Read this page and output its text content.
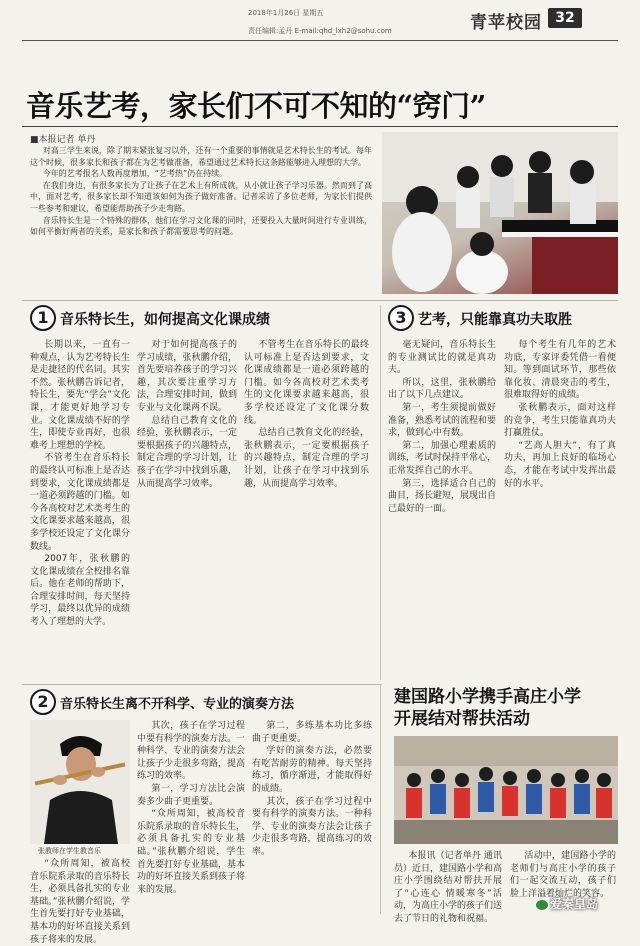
2018年1月26日 星期五
责任编辑:孟丹 E-mail:qhd_lxh2@sohu.com	青苹校园 32
音乐艺考，家长们不可不知的“窍门”
■本报记者 单丹

对高三学生来说，除了期末紧张复习以外，还有一个重要的事情就是艺术特长生的考试。每年这个时候，很多家长和孩子都在为艺考做准备，希望通过艺术特长这条路能够进入理想的大学。

今年的艺考报名人数再度增加，“艺考热”仍在持续。

在我们身边，有很多家长为了让孩子在艺术上有所成就，从小就让孩子学习乐器。然而到了高中，面对艺考，很多家长却不知道该如何为孩子做好准备。记者采访了多位老师，为家长们提供一些参考和建议，希望能帮助孩子少走弯路。

音乐特长生是一个特殊的群体，他们在学习文化课的同时，还要投入大量时间进行专业训练，如何平衡好两者的关系，是家长和孩子都需要思考的问题。

1 音乐特长生，如何提高文化课成绩

长期以来，一直有一种观点，认为艺考特长生是走捷径的代名词。其实不然。张秋鹏告诉记者，特长生，要先“学会”文化课，才能更好地学习专业。文化课成绩不好的学生，即使专业再好，也很难考上理想的学校。

不管考生在音乐特长的最终认可标准上是否达到要求，文化课成绩都是一道必须跨越的门槛。如今各高校对艺术类考生的文化课要求越来越高，很多学校还设定了文化课分数线。

2007年，张秋鹏的文化课成绩在全校排名靠后。他在老师的帮助下，合理安排时间，每天坚持学习，最终以优异的成绩考入了理想的大学。

对于如何提高孩子的学习成绩，张秋鹏介绍，首先要培养孩子的学习兴趣，其次要注重学习方法，合理安排时间，做到专业与文化课两不误。

总结自己教育文化的经验，张秋鹏表示，一定要根据孩子的兴趣特点，制定合理的学习计划，让孩子在学习中找到乐趣，从而提高学习效率。

不管考生在音乐特长的最终认可标准上是否达到要求，文化课成绩都是一道必须跨越的门槛。如今各高校对艺术类考生的文化课要求越来越高，很多学校还设定了文化课分数线。

总结自己教育文化的经验，张秋鹏表示，一定要根据孩子的兴趣特点，制定合理的学习计划，让孩子在学习中找到乐趣，从而提高学习效率。

3 艺考，只能靠真功夫取胜

毫无疑问，音乐特长生的专业测试比的就是真功夫。

所以，这里，张秋鹏给出了以下几点建议。

第一，考生须提前做好准备，熟悉考试的流程和要求，做到心中有数。

第二，加强心理素质的训练，考试时保持平常心，正常发挥自己的水平。

第三，选择适合自己的曲目，扬长避短，展现出自己最好的一面。

每个考生有几年的艺术功底，专家评委凭借一看便知。等到面试环节，那些依靠化妆、清晨突击的考生，很难取得好的成绩。

张秋鹏表示，面对这样的竞争，考生只能靠真功夫打赢胜仗。

“艺高人胆大”，有了真功夫，再加上良好的临场心态，才能在考试中发挥出最好的水平。

2 音乐特长生离不开科学、专业的演奏方法
张教师在学生教音乐

“众所周知，被高校音乐院系录取的音乐特长生，必须具备扎实的专业基础。”张秋鹏介绍说，学生首先要打好专业基础，基本功的好坏直接关系到孩子将来的发展。

其次，孩子在学习过程中要有科学的演奏方法。一种科学、专业的演奏方法会让孩子少走很多弯路，提高练习的效率。

第一，学习方法比会演奏多少曲子更重要。

“众所周知，被高校音乐院系录取的音乐特长生，必须具备扎实的专业基础。”张秋鹏介绍说，学生首先要打好专业基础，基本功的好坏直接关系到孩子将来的发展。

第二，多练基本功比多练曲子更重要。

学好的演奏方法，必然要有吃苦耐劳的精神。每天坚持练习，循序渐进，才能取得好的成绩。

其次，孩子在学习过程中要有科学的演奏方法。一种科学、专业的演奏方法会让孩子少走很多弯路，提高练习的效率。

建国路小学携手高庄小学
开展结对帮扶活动

本报讯（记者单丹 通讯员）近日，建国路小学和高庄小学围绕结对帮扶开展了“心连心 情暖寒冬”活动，为高庄小学的孩子们送去了节日的礼物和祝福。

活动中，建国路小学的老师们与高庄小学的孩子们一起交流互动，孩子们脸上洋溢着灿烂的笑容。

爱秦皇岛
